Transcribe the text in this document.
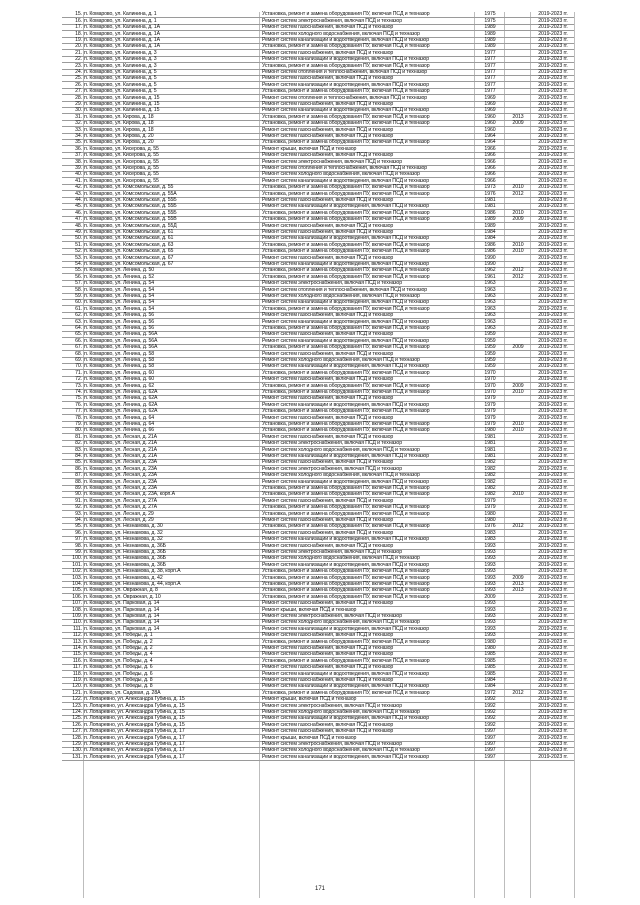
15. п. Комарово, ул. Калинина, д. 1	Установка, ремонт и замена оборудования ПУ, включая ПСД и техназор	1975	2019-2023 гг.
16. п. Комарово, ул. Калинина, д. 1	Ремонт систем электроснабжения, включая ПСД и техназор	1975	2019-2023 гг.
17. п. Комарово, ул. Калинина, д. 1А	Ремонт систем газоснабжения, включая ПСД и техназор	1989	2019-2023 гг.
18. п. Комарово, ул. Калинина, д. 1А	Ремонт систем холодного водоснабжения, включая ПСД и техназор	1989	2019-2023 гг.
19. п. Комарово, ул. Калинина, д. 1А	Ремонт систем канализации и водоотведения, включая ПСД и техназор	1989	2019-2023 гг.
20. п. Комарово, ул. Калинина, д. 1А	Установка, ремонт и замена оборудования ПУ, включая ПСД и техназор	1989	2019-2023 гг.
21. п. Комарово, ул. Калинина, д. 3	Ремонт систем газоснабжения, включая ПСД и техназор	1977	2019-2023 гг.
22. п. Комарово, ул. Калинина, д. 3	Ремонт систем канализации и водоотведения, включая ПСД и техназор	1977	2019-2023 гг.
23. п. Комарово, ул. Калинина, д. 3	Установка, ремонт и замена оборудования ПУ, включая ПСД и техназор	1977	2019-2023 гг.
24. п. Комарово, ул. Калинина, д. 5	Ремонт систем отопления и теплоснабжения, включая ПСД и техназор	1977	2019-2023 гг.
25. п. Комарово, ул. Калинина, д. 5	Ремонт систем газоснабжения, включая ПСД и техназор	1977	2019-2023 гг.
26. п. Комарово, ул. Калинина, д. 5	Ремонт систем канализации и водоотведения, включая ПСД и техназор	1977	2019-2023 гг.
27. п. Комарово, ул. Калинина, д. 5	Установка, ремонт и замена оборудования ПУ, включая ПСД и техназор	1977	2019-2023 гг.
28. п. Комарово, ул. Калинина, д. 15	Ремонт систем отопления и теплоснабжения, включая ПСД и техназор	1969	2019-2023 гг.
29. п. Комарово, ул. Калинина, д. 15	Ремонт систем газоснабжения, включая ПСД и техназор	1969	2019-2023 гг.
30. п. Комарово, ул. Калинина, д. 15	Ремонт систем канализации и водоотведения, включая ПСД и техназор	1969	2019-2023 гг.
31. п. Комарово, ул. Кирова, д. 18	Установка, ремонт и замена оборудования ПУ, включая ПСД и техназор	1960	2013	2019-2023 гг.
32. п. Комарово, ул. Кирова, д. 18	Установка, ремонт и замена оборудования ПУ, включая ПСД и техназор	1960	2009	2019-2023 гг.
33. п. Комарово, ул. Кирова, д. 18	Ремонт систем газоснабжения, включая ПСД и техназор	1960	2019-2023 гг.
34. п. Комарово, ул. Кирова, д. 20	Ремонт систем газоснабжения, включая ПСД и техназор	1964	2019-2023 гг.
35. п. Комарово, ул. Кирова, д. 20	Установка, ремонт и замена оборудования ПУ, включая ПСД и техназор	1964	2019-2023 гг.
36. п. Комарово, ул. Кисерова, д. 55	Ремонт крыши, включая ПСД и техназор	1966	2019-2023 гг.
37. п. Комарово, ул. Кисерова, д. 55	Ремонт систем газоснабжения, включая ПСД и техназор	1966	2019-2023 гг.
38. п. Комарово, ул. Кисерова, д. 55	Ремонт систем электроснабжения, включая ПСД и техназор	1966	2019-2023 гг.
39. п. Комарово, ул. Кисерова, д. 55	Ремонт систем отопления и теплоснабжения, включая ПСД и техназор	1966	2019-2023 гг.
40. п. Комарово, ул. Кисерова, д. 55	Ремонт систем холодного водоснабжения, включая ПСД и техназор	1966	2019-2023 гг.
41. п. Комарово, ул. Кисерова, д. 55	Ремонт систем канализации и водоотведения, включая ПСД и техназор	1966	2019-2023 гг.
42. п. Комарово, ул. Комсомольская, д. 55	Установка, ремонт и замена оборудования ПУ, включая ПСД и техназор	1973	2010	2019-2023 гг.
43. п. Комарово, ул. Комсомольская, д. 55А	Установка, ремонт и замена оборудования ПУ, включая ПСД и техназор	1976	2012	2019-2023 гг.
44. п. Комарово, ул. Комсомольская, д. 55Б	Ремонт систем газоснабжения, включая ПСД и техназор	1981	2019-2023 гг.
45. п. Комарово, ул. Комсомольская, д. 55Б	Ремонт систем канализации и водоотведения, включая ПСД и техназор	1981	2019-2023 гг.
46. п. Комарово, ул. Комсомольская, д. 55Б	Установка, ремонт и замена оборудования ПУ, включая ПСД и техназор	1986	2010	2019-2023 гг.
47. п. Комарово, ул. Комсомольская, д. 55В	Установка, ремонт и замена оборудования ПУ, включая ПСД и техназор	1989	2009	2019-2023 гг.
48. п. Комарово, ул. Комсомольская, д. 55Д	Ремонт систем газоснабжения, включая ПСД и техназор	1989	2019-2023 гг.
49. п. Комарово, ул. Комсомольская, д. 61	Ремонт систем газоснабжения, включая ПСД и техназор	1984	2019-2023 гг.
50. п. Комарово, ул. Комсомольская, д. 61	Ремонт систем канализации и водоотведения, включая ПСД и техназор	1984	2019-2023 гг.
51. п. Комарово, ул. Комсомольская, д. 63	Установка, ремонт и замена оборудования ПУ, включая ПСД и техназор	1986	2010	2019-2023 гг.
52. п. Комарово, ул. Комсомольская, д. 65	Установка, ремонт и замена оборудования ПУ, включая ПСД и техназор	1986	2010	2019-2023 гг.
53. п. Комарово, ул. Комсомольская, д. 67	Ремонт систем газоснабжения, включая ПСД и техназор	1990	2019-2023 гг.
54. п. Комарово, ул. Комсомольская, д. 67	Ремонт систем канализации и водоотведения, включая ПСД и техназор	1990	2019-2023 гг.
55. п. Комарово, ул. Ленина, д. 50	Установка, ремонт и замена оборудования ПУ, включая ПСД и техназор	1962	2012	2019-2023 гг.
56. п. Комарово, ул. Ленина, д. 52	Установка, ремонт и замена оборудования ПУ, включая ПСД и техназор	1961	2012	2019-2023 гг.
57. п. Комарово, ул. Ленина, д. 54	Ремонт систем электроснабжения, включая ПСД и техназор	1963	2019-2023 гг.
58. п. Комарово, ул. Ленина, д. 54	Ремонт систем отопления и теплоснабжения, включая ПСД и техназор	1963	2019-2023 гг.
59. п. Комарово, ул. Ленина, д. 54	Ремонт систем холодного водоснабжения, включая ПСД и техназор	1963	2019-2023 гг.
60. п. Комарово, ул. Ленина, д. 54	Ремонт систем канализации и водоотведения, включая ПСД и техназор	1963	2019-2023 гг.
61. п. Комарово, ул. Ленина, д. 54	Установка, ремонт и замена оборудования ПУ, включая ПСД и техназор	1963	2019-2023 гг.
62. п. Комарово, ул. Ленина, д. 56	Ремонт систем газоснабжения, включая ПСД и техназор	1963	2019-2023 гг.
63. п. Комарово, ул. Ленина, д. 56	Ремонт систем канализации и водоотведения, включая ПСД и техназор	1963	2019-2023 гг.
64. п. Комарово, ул. Ленина, д. 56	Установка, ремонт и замена оборудования ПУ, включая ПСД и техназор	1963	2019-2023 гг.
65. п. Комарово, ул. Ленина, д. 56А	Ремонт систем газоснабжения, включая ПСД и техназор	1959	2019-2023 гг.
66. п. Комарово, ул. Ленина, д. 56А	Ремонт систем канализации и водоотведения, включая ПСД и техназор	1959	2019-2023 гг.
67. п. Комарово, ул. Ленина, д. 56А	Установка, ремонт и замена оборудования ПУ, включая ПСД и техназор	1959	2009	2019-2023 гг.
68. п. Комарово, ул. Ленина, д. 58	Ремонт систем газоснабжения, включая ПСД и техназор	1959	2019-2023 гг.
69. п. Комарово, ул. Ленина, д. 58	Ремонт систем холодного водоснабжения, включая ПСД и техназор	1959	2019-2023 гг.
70. п. Комарово, ул. Ленина, д. 58	Ремонт систем канализации и водоотведения, включая ПСД и техназор	1959	2019-2023 гг.
71. п. Комарово, ул. Ленина, д. 60	Установка, ремонт и замена оборудования ПУ, включая ПСД и техназор	1970	2019-2023 гг.
72. п. Комарово, ул. Ленина, д. 60	Ремонт систем газоснабжения, включая ПСД и техназор	1970	2019-2023 гг.
73. п. Комарово, ул. Ленина, д. 62	Установка, ремонт и замена оборудования ПУ, включая ПСД и техназор	1970	2009	2019-2023 гг.
74. п. Комарово, ул. Ленина, д. 62А	Установка, ремонт и замена оборудования ПУ, включая ПСД и техназор	1970	2010	2019-2023 гг.
75. п. Комарово, ул. Ленина, д. 62А	Ремонт систем газоснабжения, включая ПСД и техназор	1979	2019-2023 гг.
76. п. Комарово, ул. Ленина, д. 62А	Ремонт систем канализации и водоотведения, включая ПСД и техназор	1979	2019-2023 гг.
77. п. Комарово, ул. Ленина, д. 62А	Установка, ремонт и замена оборудования ПУ, включая ПСД и техназор	1979	2019-2023 гг.
78. п. Комарово, ул. Ленина, д. 64	Ремонт систем газоснабжения, включая ПСД и техназор	1979	2019-2023 гг.
79. п. Комарово, ул. Ленина, д. 64	Установка, ремонт и замена оборудования ПУ, включая ПСД и техназор	1979	2010	2019-2023 гг.
80. п. Комарово, ул. Ленина, д. 66	Установка, ремонт и замена оборудования ПУ, включая ПСД и техназор	1980	2010	2019-2023 гг.
81. п. Комарово, ул. Лесная, д. 21А	Ремонт систем газоснабжения, включая ПСД и техназор	1981	2019-2023 гг.
82. п. Комарово, ул. Лесная, д. 21А	Ремонт систем электроснабжения, включая ПСД и техназор	1981	2019-2023 гг.
83. п. Комарово, ул. Лесная, д. 21А	Ремонт систем холодного водоснабжения, включая ПСД и техназор	1981	2019-2023 гг.
84. п. Комарово, ул. Лесная, д. 21А	Ремонт систем канализации и водоотведения, включая ПСД и техназор	1981	2019-2023 гг.
85. п. Комарово, ул. Лесная, д. 23А	Ремонт систем газоснабжения, включая ПСД и техназор	1982	2019-2023 гг.
86. п. Комарово, ул. Лесная, д. 23А	Ремонт систем электроснабжения, включая ПСД и техназор	1982	2019-2023 гг.
87. п. Комарово, ул. Лесная, д. 23А	Ремонт систем холодного водоснабжения, включая ПСД и техназор	1982	2019-2023 гг.
88. п. Комарово, ул. Лесная, д. 23А	Ремонт систем канализации и водоотведения, включая ПСД и техназор	1982	2019-2023 гг.
89. п. Комарово, ул. Лесная, д. 23А	Установка, ремонт и замена оборудования ПУ, включая ПСД и техназор	1982	2019-2023 гг.
90. п. Комарово, ул. Лесная, д. 23А, корп.А	Установка, ремонт и замена оборудования ПУ, включая ПСД и техназор	1982	2010	2019-2023 гг.
91. п. Комарово, ул. Лесная, д. 27А	Ремонт систем газоснабжения, включая ПСД и техназор	1979	2019-2023 гг.
92. п. Комарово, ул. Лесная, д. 27А	Установка, ремонт и замена оборудования ПУ, включая ПСД и техназор	1979	2019-2023 гг.
93. п. Комарово, ул. Лесная, д. 29	Установка, ремонт и замена оборудования ПУ, включая ПСД и техназор	1980	2019-2023 гг.
94. п. Комарово, ул. Лесная, д. 29	Ремонт систем газоснабжения, включая ПСД и техназор	1980	2019-2023 гг.
95. п. Комарово, ул. Незнамова, д. 30	Установка, ремонт и замена оборудования ПУ, включая ПСД и техназор	1976	2012	2019-2023 гг.
96. п. Комарово, ул. Незнамова, д. 32	Ремонт систем газоснабжения, включая ПСД и техназор	1983	2019-2023 гг.
97. п. Комарово, ул. Незнамова, д. 32	Ремонт систем канализации и водоотведения, включая ПСД и техназор	1983	2019-2023 гг.
98. п. Комарово, ул. Незнамова, д. 36Б	Ремонт систем газоснабжения, включая ПСД и техназор	1993	2019-2023 гг.
99. п. Комарово, ул. Незнамова, д. 36Б	Ремонт систем электроснабжения, включая ПСД и техназор	1993	2019-2023 гг.
100. п. Комарово, ул. Незнамова, д. 36Б	Ремонт систем холодного водоснабжения, включая ПСД и техназор	1993	2019-2023 гг.
101. п. Комарово, ул. Незнамова, д. 36Б	Ремонт систем канализации и водоотведения, включая ПСД и техназор	1993	2019-2023 гг.
102. п. Комарово, ул. Незнамова, д. 38, корп.А	Установка, ремонт и замена оборудования ПУ, включая ПСД и техназор	1993	2019-2023 гг.
103. п. Комарово, ул. Незнамова, д. 42	Установка, ремонт и замена оборудования ПУ, включая ПСД и техназор	1993	2009	2019-2023 гг.
104. п. Комарово, ул. Незнамова, д. 44, корп.А	Установка, ремонт и замена оборудования ПУ, включая ПСД и техназор	1993	2013	2019-2023 гг.
105. п. Комарово, ул. Овражная, д. 8	Установка, ремонт и замена оборудования ПУ, включая ПСД и техназор	1993	2013	2019-2023 гг.
106. п. Комарово, ул. Овражная, д. 10	Установка, ремонт и замена оборудования ПУ, включая ПСД и техназор	2009	2019-2023 гг.
107. п. Комарово, ул. Парковая, д. 14	Ремонт систем газоснабжения, включая ПСД и техназор	1993	2019-2023 гг.
108. п. Комарово, ул. Парковая, д. 14	Ремонт крыши, включая ПСД и техназор	1993	2019-2023 гг.
109. п. Комарово, ул. Парковая, д. 14	Ремонт систем электроснабжения, включая ПСД и техназор	1993	2019-2023 гг.
110. п. Комарово, ул. Парковая, д. 14	Ремонт систем холодного водоснабжения, включая ПСД и техназор	1993	2019-2023 гг.
111. п. Комарово, ул. Парковая, д. 14	Ремонт систем канализации и водоотведения, включая ПСД и техназор	1993	2019-2023 гг.
112. п. Комарово, ул. Победы, д. 1	Ремонт систем газоснабжения, включая ПСД и техназор	1993	2019-2023 гг.
113. п. Комарово, ул. Победы, д. 2	Установка, ремонт и замена оборудования ПУ, включая ПСД и техназор	1980	2019-2023 гг.
114. п. Комарово, ул. Победы, д. 2	Ремонт систем газоснабжения, включая ПСД и техназор	1980	2019-2023 гг.
115. п. Комарово, ул. Победы, д. 4	Ремонт систем газоснабжения, включая ПСД и техназор	1985	2019-2023 гг.
116. п. Комарово, ул. Победы, д. 4	Установка, ремонт и замена оборудования ПУ, включая ПСД и техназор	1985	2019-2023 гг.
117. п. Комарово, ул. Победы, д. 6	Ремонт систем газоснабжения, включая ПСД и техназор	1985	2019-2023 гг.
118. п. Комарово, ул. Победы, д. 6	Ремонт систем канализации и водоотведения, включая ПСД и техназор	1985	2019-2023 гг.
119. п. Комарово, ул. Победы, д. 8	Ремонт систем газоснабжения, включая ПСД и техназор	1984	2019-2023 гг.
120. п. Комарово, ул. Победы, д. 8	Ремонт систем канализации и водоотведения, включая ПСД и техназор	1984	2019-2023 гг.
121. п. Комарово, ул. Садовая, д. 28А	Установка, ремонт и замена оборудования ПУ, включая ПСД и техназор	1972	2012	2019-2023 гг.
122. п. Лопаревно, ул. Александра Губина, д. 15	Ремонт крыши, включая ПСД и техназор	1992	2019-2023 гг.
123. п. Лопаревно, ул. Александра Губина, д. 15	Ремонт систем электроснабжения, включая ПСД и техназор	1992	2019-2023 гг.
124. п. Лопаревно, ул. Александра Губина, д. 15	Ремонт систем холодного водоснабжения, включая ПСД и техназор	1992	2019-2023 гг.
125. п. Лопаревно, ул. Александра Губина, д. 15	Ремонт систем канализации и водоотведения, включая ПСД и техназор	1992	2019-2023 гг.
126. п. Лопаревно, ул. Александра Губина, д. 15	Ремонт систем газоснабжения, включая ПСД и техназор	1992	2019-2023 гг.
127. п. Лопаревно, ул. Александра Губина, д. 17	Ремонт систем газоснабжения, включая ПСД и техназор	1997	2019-2023 гг.
128. п. Лопаревно, ул. Александра Губина, д. 17	Ремонт крыши, включая ПСД и техназор	1997	2019-2023 гг.
129. п. Лопаревно, ул. Александра Губина, д. 17	Ремонт систем электроснабжения, включая ПСД и техназор	1997	2019-2023 гг.
130. п. Лопаревно, ул. Александра Губина, д. 17	Ремонт систем холодного водоснабжения, включая ПСД и техназор	1997	2019-2023 гг.
131. п. Лопаревно, ул. Александра Губина, д. 17	Ремонт систем канализации и водоотведения, включая ПСД и техназор	1997	2019-2023 гг.
171
